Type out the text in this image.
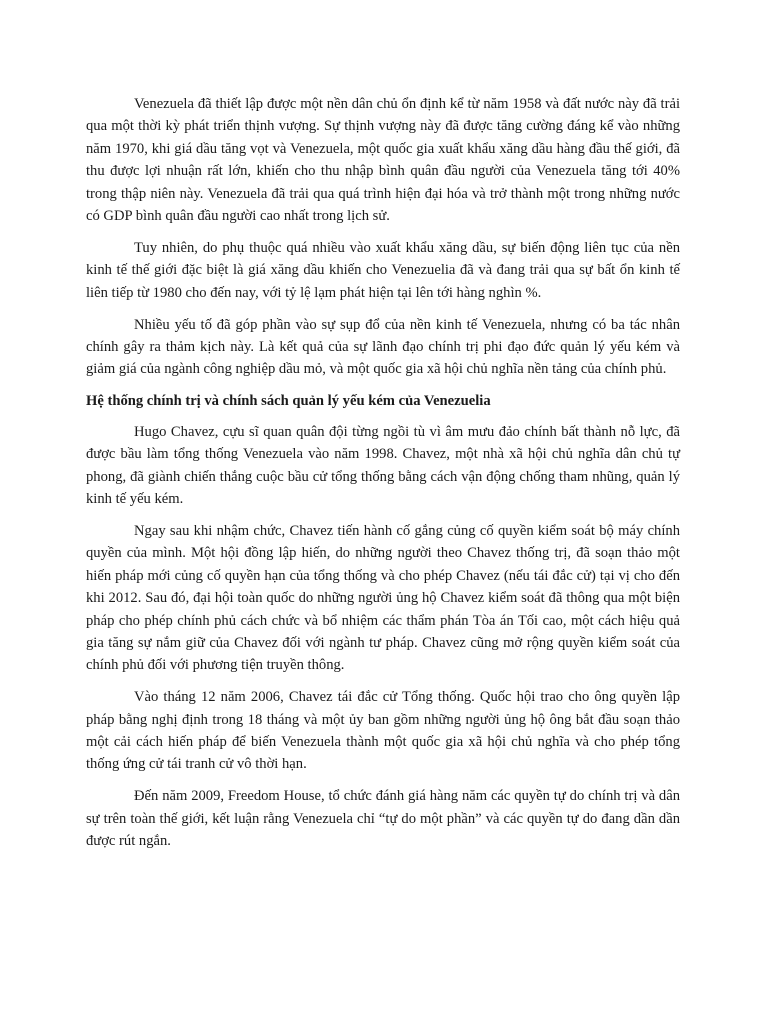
Venezuela đã thiết lập được một nền dân chủ ổn định kể từ năm 1958 và đất nước này đã trải qua một thời kỳ phát triển thịnh vượng. Sự thịnh vượng này đã được tăng cường đáng kể vào những năm 1970, khi giá dầu tăng vọt và Venezuela, một quốc gia xuất khẩu xăng dầu hàng đầu thế giới, đã thu được lợi nhuận rất lớn, khiến cho thu nhập bình quân đầu người của Venezuela tăng tới 40% trong thập niên này. Venezuela đã trải qua quá trình hiện đại hóa và trở thành một trong những nước có GDP bình quân đầu người cao nhất trong lịch sử.

Tuy nhiên, do phụ thuộc quá nhiều vào xuất khẩu xăng dầu, sự biến động liên tục của nền kinh tế thế giới đặc biệt là giá xăng dầu khiến cho Venezuelia đã và đang trải qua sự bất ổn kinh tế liên tiếp từ 1980 cho đến nay, với tỷ lệ lạm phát hiện tại lên tới hàng nghìn %.

Nhiều yếu tố đã góp phần vào sự sụp đổ của nền kinh tế Venezuela, nhưng có ba tác nhân chính gây ra thảm kịch này. Là kết quả của sự lãnh đạo chính trị phi đạo đức quản lý yếu kém và giảm giá của ngành công nghiệp dầu mỏ, và một quốc gia xã hội chủ nghĩa nền tảng của chính phủ.

Hệ thống chính trị và chính sách quản lý yếu kém của Venezuelia

Hugo Chavez, cựu sĩ quan quân đội từng ngồi tù vì âm mưu đảo chính bất thành nỗ lực, đã được bầu làm tổng thống Venezuela vào năm 1998. Chavez, một nhà xã hội chủ nghĩa dân chủ tự phong, đã giành chiến thắng cuộc bầu cử tổng thống bằng cách vận động chống tham nhũng, quản lý kinh tế yếu kém.

Ngay sau khi nhậm chức, Chavez tiến hành cố gắng củng cố quyền kiểm soát bộ máy chính quyền của mình. Một hội đồng lập hiến, do những người theo Chavez thống trị, đã soạn thảo một hiến pháp mới củng cố quyền hạn của tổng thống và cho phép Chavez (nếu tái đắc cử) tại vị cho đến khi 2012. Sau đó, đại hội toàn quốc do những người ủng hộ Chavez kiểm soát đã thông qua một biện pháp cho phép chính phủ cách chức và bổ nhiệm các thẩm phán Tòa án Tối cao, một cách hiệu quả gia tăng sự nắm giữ của Chavez đối với ngành tư pháp. Chavez cũng mở rộng quyền kiểm soát của chính phủ đối với phương tiện truyền thông.

Vào tháng 12 năm 2006, Chavez tái đắc cử Tổng thống. Quốc hội trao cho ông quyền lập pháp bằng nghị định trong 18 tháng và một ủy ban gồm những người ủng hộ ông bắt đầu soạn thảo một cải cách hiến pháp để biến Venezuela thành một quốc gia xã hội chủ nghĩa và cho phép tổng thống ứng cử tái tranh cử vô thời hạn.

Đến năm 2009, Freedom House, tổ chức đánh giá hàng năm các quyền tự do chính trị và dân sự trên toàn thế giới, kết luận rằng Venezuela chỉ “tự do một phần” và các quyền tự do đang dần dần được rút ngắn.
